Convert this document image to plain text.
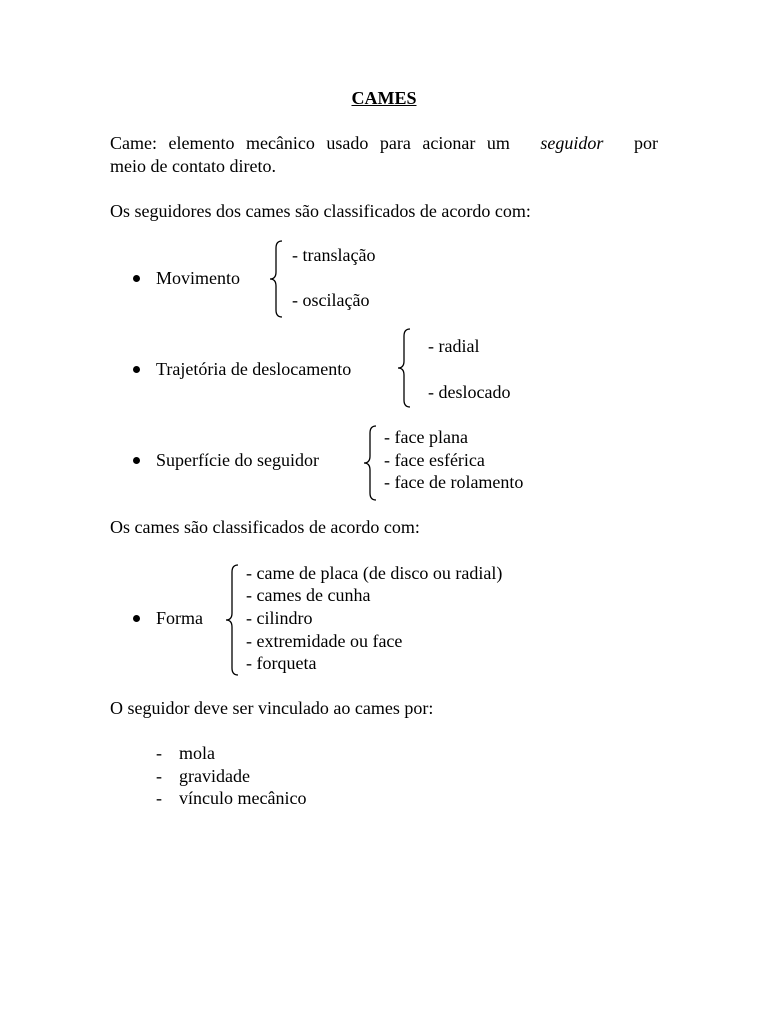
CAMES
Came: elemento mecânico usado para acionar um seguidor por
meio de contato direto.
Os seguidores dos cames são classificados de acordo com:
Movimento
- translação
- oscilação
Trajetória de deslocamento
- radial
- deslocado
Superfície do seguidor
- face plana
- face esférica
- face de rolamento
Os cames são classificados de acordo com:
Forma
- came de placa (de disco ou radial)
- cames de cunha
- cilindro
- extremidade ou face
- forqueta
O seguidor deve ser vinculado ao cames por:
- mola
- gravidade
- vínculo mecânico
